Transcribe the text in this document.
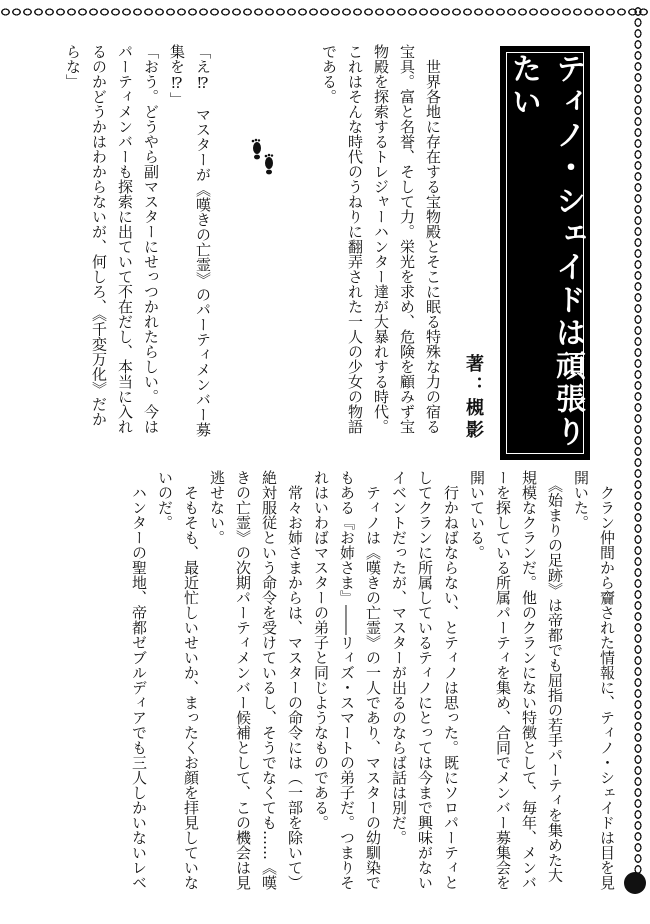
ティノ・シェイドは頑張りたい
著：槻影
　世界各地に存在する宝物殿とそこに眠る特殊な力の宿る宝具。富と名誉、そして力。栄光を求め、危険を顧みず宝物殿を探索するトレジャーハンター達が大暴れする時代。これはそんな時代のうねりに翻弄された一人の少女の物語である。
「え⁉　マスターが《嘆きの亡霊》のパーティメンバー募集を⁉」
「おう。どうやら副マスターにせっつかれたらしい。今はパーティメンバーも探索に出ていて不在だし、本当に入れるのかどうかはわからないが、何しろ、《千変万化》だからな」
　クラン仲間から齎された情報に、ティノ・シェイドは目を見開いた。
　《始まりの足跡》は帝都でも屈指の若手パーティを集めた大規模なクランだ。他のクランにない特徴として、毎年、メンバーを探している所属パーティを集め、合同でメンバー募集会を開いている。
　行かねばならない、とティノは思った。既にソロパーティとしてクランに所属しているティノにとっては今まで興味がないイベントだったが、マスターが出るのならば話は別だ。
　ティノは《嘆きの亡霊》の一人であり、マスターの幼馴染でもある『お姉さま』――リィズ・スマートの弟子だ。つまりそれはいわばマスターの弟子と同じようなものである。
　常々お姉さまからは、マスターの命令には（一部を除いて）絶対服従という命令を受けているし、そうでなくても……《嘆きの亡霊》の次期パーティメンバー候補として、この機会は見逃せない。
　そもそも、最近忙しいせいか、まったくお顔を拝見していないのだ。
　ハンターの聖地、帝都ゼブルディアでも三人しかいないレベ
